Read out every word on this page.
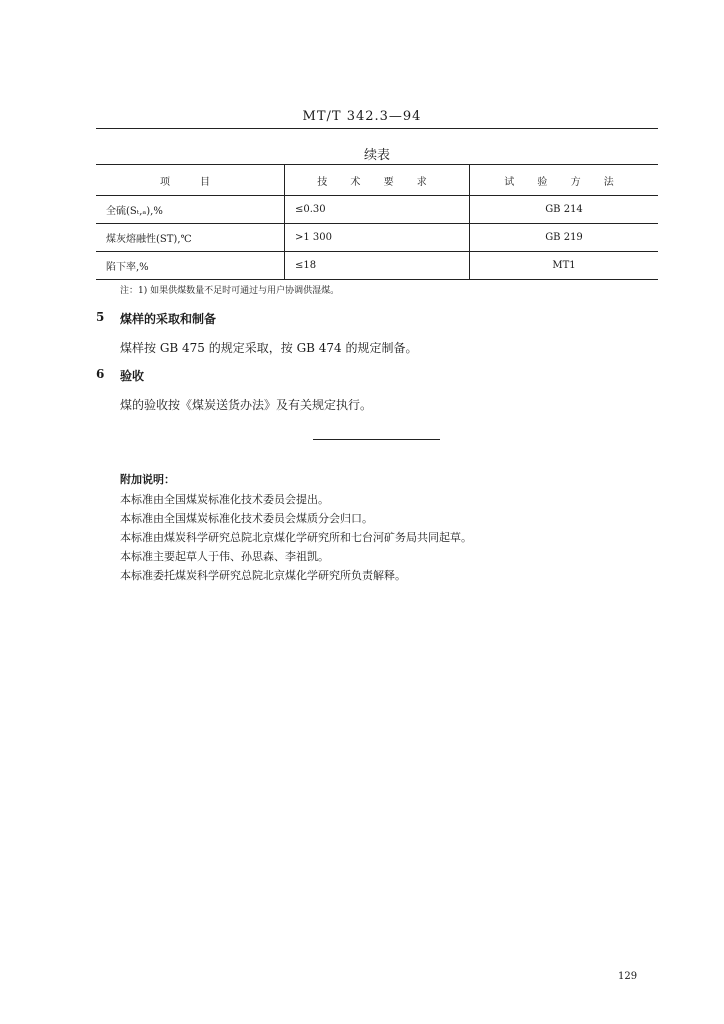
MT/T 342.3—94
续表
项　目	技 术 要 求	试 验 方 法
全硫(Sₜ,ₐ),%	≤0.30	GB 214
煤灰熔融性(ST),℃	>1 300	GB 219
陷下率,%	≤18	MT1
注：1) 如果供煤数量不足时可通过与用户协调供湿煤。
5 煤样的采取和制备
煤样按 GB 475 的规定采取，按 GB 474 的规定制备。
6 验收
煤的验收按《煤炭送货办法》及有关规定执行。
附加说明：
本标准由全国煤炭标准化技术委员会提出。
本标准由全国煤炭标准化技术委员会煤质分会归口。
本标准由煤炭科学研究总院北京煤化学研究所和七台河矿务局共同起草。
本标准主要起草人于伟、孙思森、李祖凯。
本标准委托煤炭科学研究总院北京煤化学研究所负责解释。
129
